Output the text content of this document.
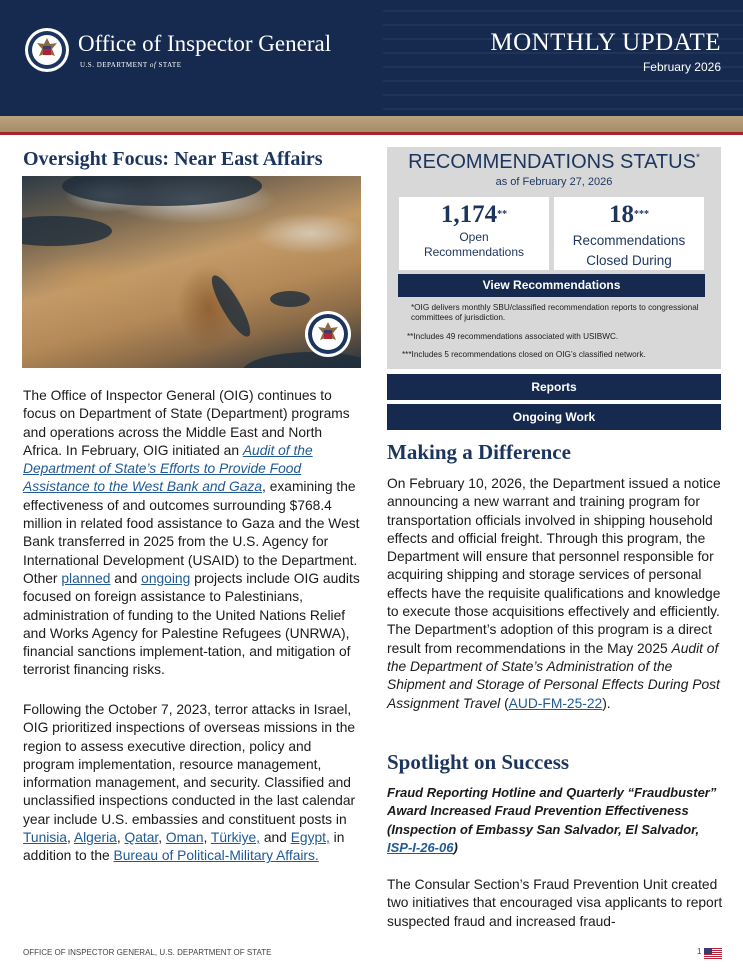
Office of Inspector General
U.S. DEPARTMENT of STATE
MONTHLY UPDATE
February 2026
Oversight Focus: Near East Affairs
The Office of Inspector General (OIG) continues to focus on Department of State (Department) programs and operations across the Middle East and North Africa. In February, OIG initiated an Audit of the Department of State’s Efforts to Provide Food Assistance to the West Bank and Gaza, examining the effectiveness of and outcomes surrounding $768.4 million in related food assistance to Gaza and the West Bank transferred in 2025 from the U.S. Agency for International Development (USAID) to the Department. Other planned and ongoing projects include OIG audits focused on foreign assistance to Palestinians, administration of funding to the United Nations Relief and Works Agency for Palestine Refugees (UNRWA), financial sanctions implement-tation, and mitigation of terrorist financing risks.
Following the October 7, 2023, terror attacks in Israel, OIG prioritized inspections of overseas missions in the region to assess executive direction, policy and program implementation, resource management, information management, and security. Classified and unclassified inspections conducted in the last calendar year include U.S. embassies and constituent posts in Tunisia, Algeria, Qatar, Oman, Türkiye, and Egypt, in addition to the Bureau of Political-Military Affairs.
RECOMMENDATIONS STATUS*
as of February 27, 2026
1,174**
Open
Recommendations
18***
Recommendations
Closed During
View Recommendations
*OIG delivers monthly SBU/classified recommendation reports to congressional committees of jurisdiction.
**Includes 49 recommendations associated with USIBWC.
***Includes 5 recommendations closed on OIG’s classified network.
Reports
Ongoing Work
Making a Difference
On February 10, 2026, the Department issued a notice announcing a new warrant and training program for transportation officials involved in shipping household effects and official freight. Through this program, the Department will ensure that personnel responsible for acquiring shipping and storage services of personal effects have the requisite qualifications and knowledge to execute those acquisitions effectively and efficiently. The Department’s adoption of this program is a direct result from recommendations in the May 2025 Audit of the Department of State’s Administration of the Shipment and Storage of Personal Effects During Post Assignment Travel (AUD-FM-25-22).
Spotlight on Success
Fraud Reporting Hotline and Quarterly “Fraudbuster” Award Increased Fraud Prevention Effectiveness (Inspection of Embassy San Salvador, El Salvador, ISP-I-26-06)
The Consular Section’s Fraud Prevention Unit created two initiatives that encouraged visa applicants to report suspected fraud and increased fraud-
OFFICE OF INSPECTOR GENERAL, U.S. DEPARTMENT OF STATE	1
